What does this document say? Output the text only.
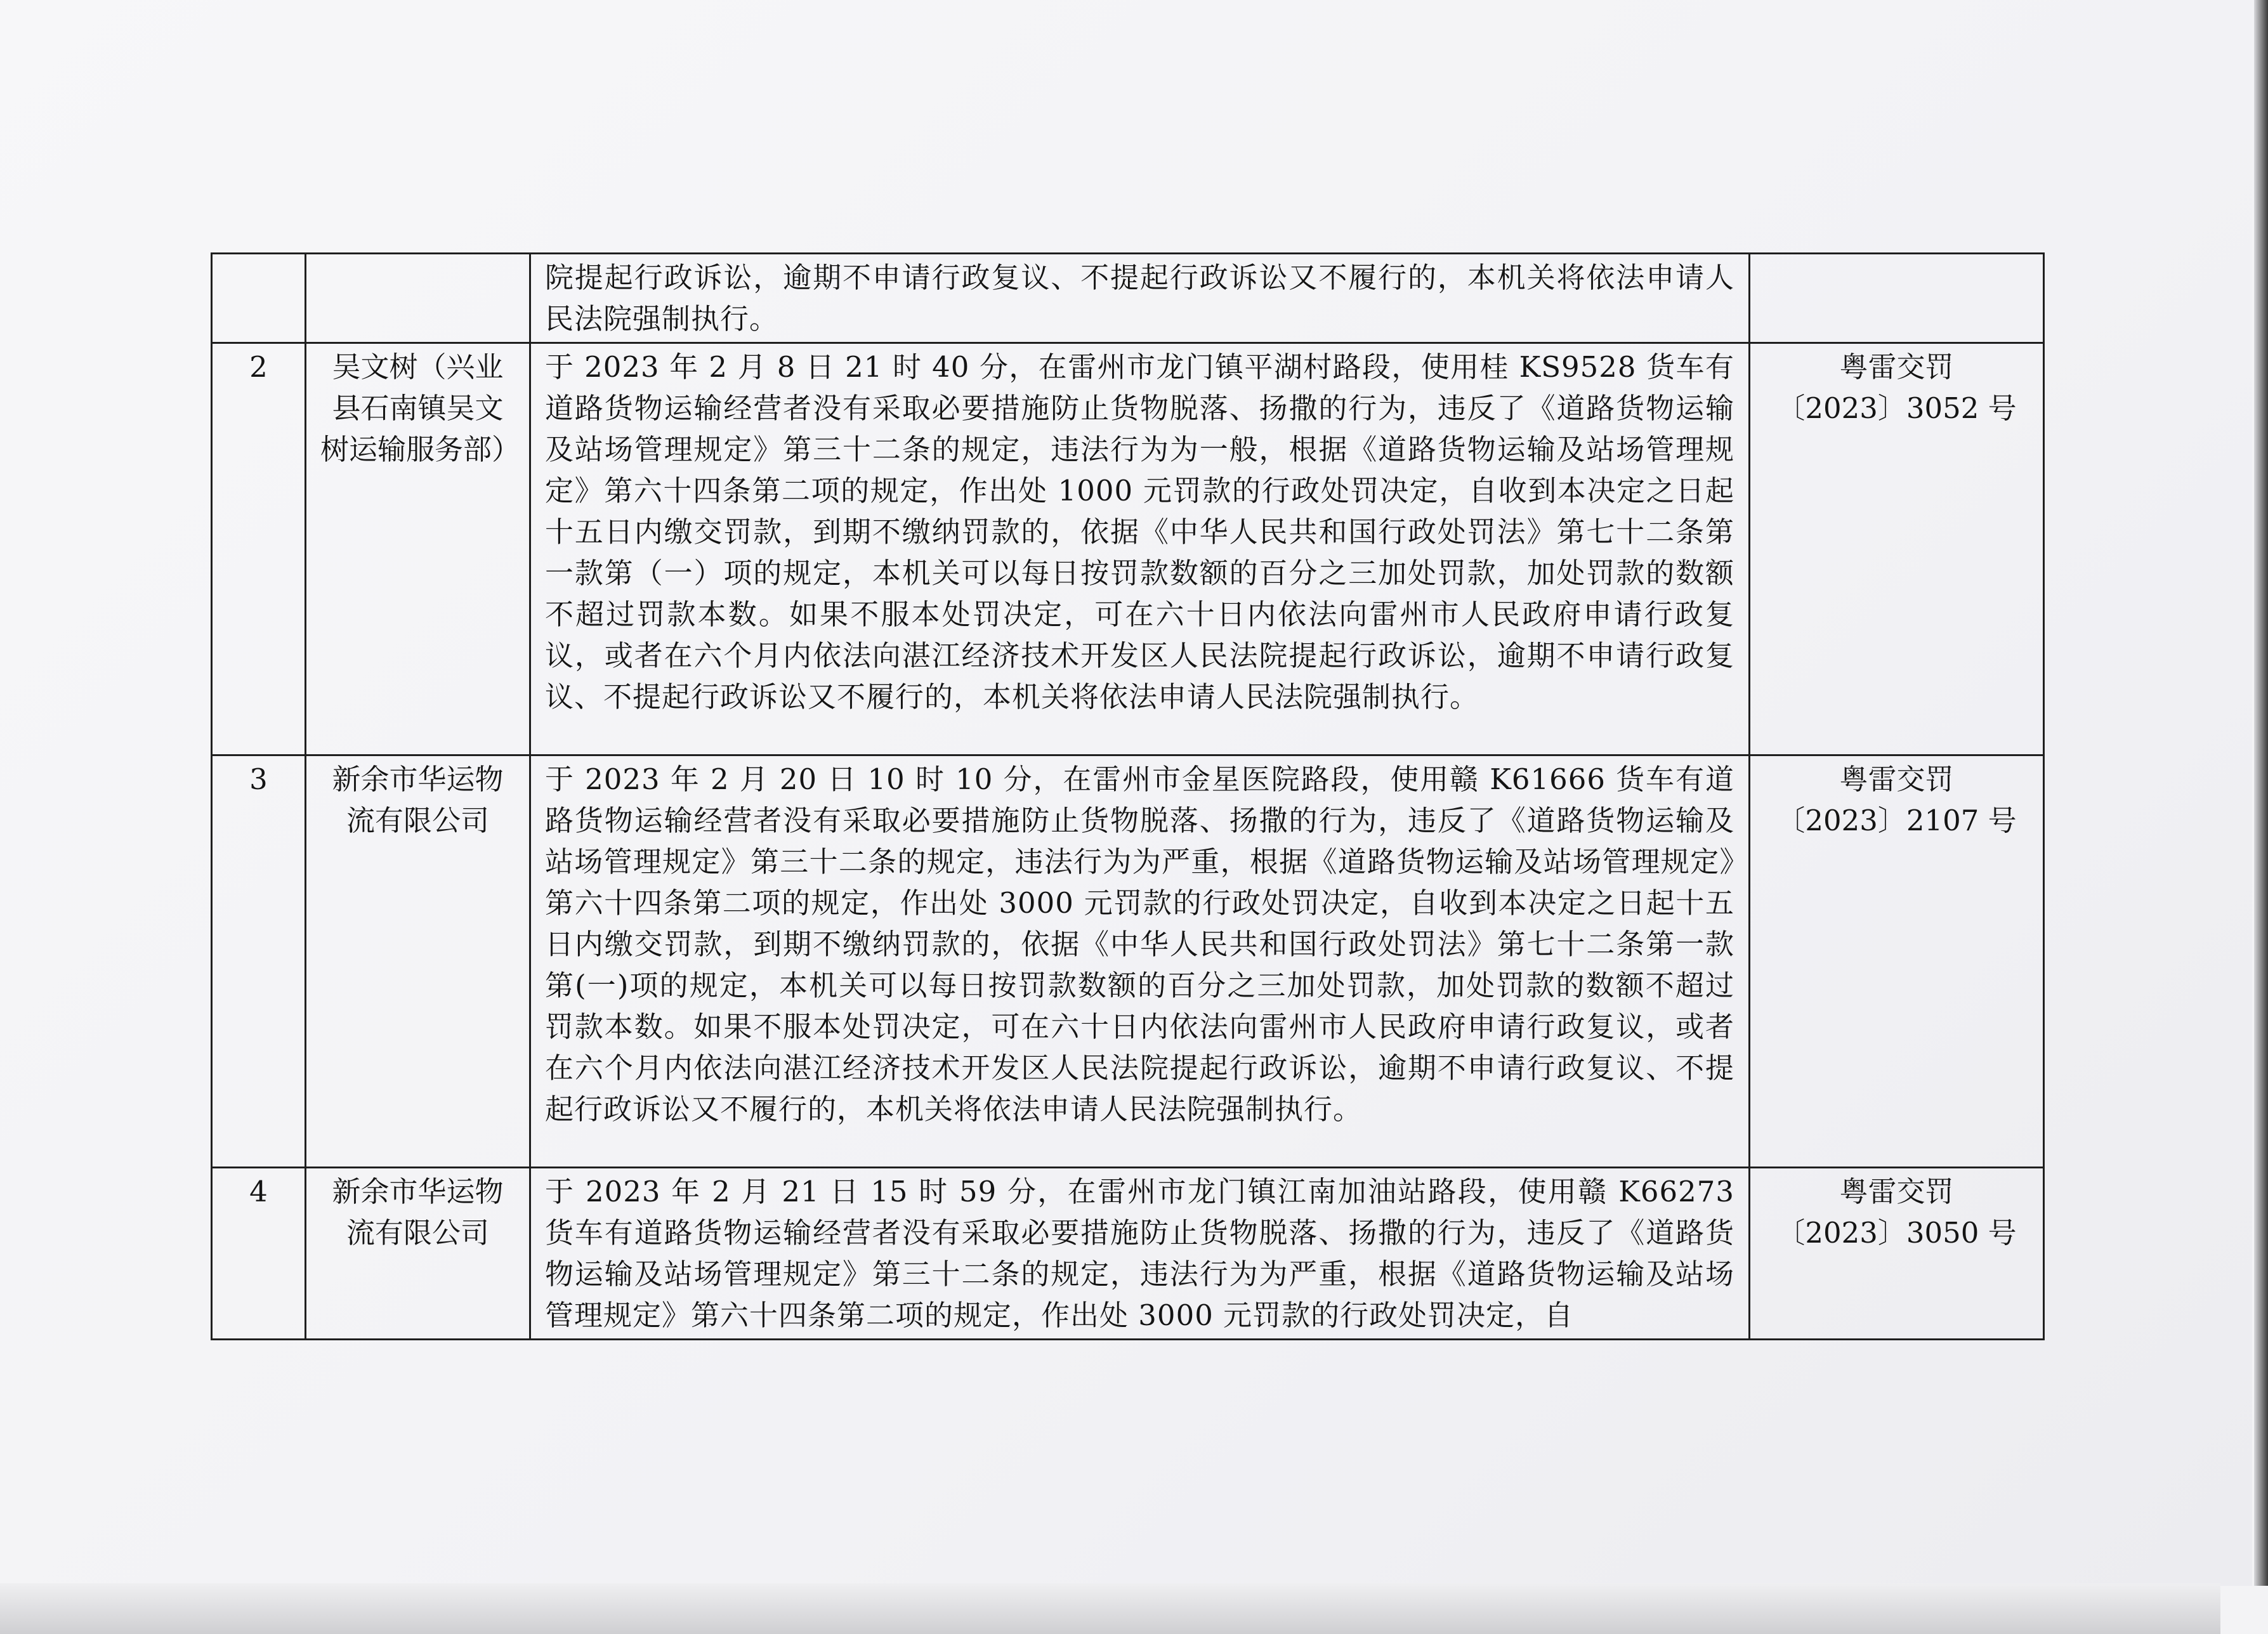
		院提起行政诉讼，逾期不申请行政复议、不提起行政诉讼又不履行的，本机关将依法申请人民法院强制执行。	

2	吴文树（兴业县石南镇吴文树运输服务部）	于 2023 年 2 月 8 日 21 时 40 分，在雷州市龙门镇平湖村路段，使用桂 KS9528 货车有道路货物运输经营者没有采取必要措施防止货物脱落、扬撒的行为，违反了《道路货物运输及站场管理规定》第三十二条的规定，违法行为为一般，根据《道路货物运输及站场管理规定》第六十四条第二项的规定，作出处 1000 元罚款的行政处罚决定，自收到本决定之日起十五日内缴交罚款，到期不缴纳罚款的，依据《中华人民共和国行政处罚法》第七十二条第一款第（一）项的规定，本机关可以每日按罚款数额的百分之三加处罚款，加处罚款的数额不超过罚款本数。如果不服本处罚决定，可在六十日内依法向雷州市人民政府申请行政复议，或者在六个月内依法向湛江经济技术开发区人民法院提起行政诉讼，逾期不申请行政复议、不提起行政诉讼又不履行的，本机关将依法申请人民法院强制执行。	粤雷交罚
〔2023〕3052 号

3	新余市华运物流有限公司	于 2023 年 2 月 20 日 10 时 10 分，在雷州市金星医院路段，使用赣 K61666 货车有道路货物运输经营者没有采取必要措施防止货物脱落、扬撒的行为，违反了《道路货物运输及站场管理规定》第三十二条的规定，违法行为为严重，根据《道路货物运输及站场管理规定》第六十四条第二项的规定，作出处 3000 元罚款的行政处罚决定，自收到本决定之日起十五日内缴交罚款，到期不缴纳罚款的，依据《中华人民共和国行政处罚法》第七十二条第一款第(一)项的规定，本机关可以每日按罚款数额的百分之三加处罚款，加处罚款的数额不超过罚款本数。如果不服本处罚决定，可在六十日内依法向雷州市人民政府申请行政复议，或者在六个月内依法向湛江经济技术开发区人民法院提起行政诉讼，逾期不申请行政复议、不提起行政诉讼又不履行的，本机关将依法申请人民法院强制执行。	粤雷交罚
〔2023〕2107 号

4	新余市华运物流有限公司	于 2023 年 2 月 21 日 15 时 59 分，在雷州市龙门镇江南加油站路段，使用赣 K66273 货车有道路货物运输经营者没有采取必要措施防止货物脱落、扬撒的行为，违反了《道路货物运输及站场管理规定》第三十二条的规定，违法行为为严重，根据《道路货物运输及站场管理规定》第六十四条第二项的规定，作出处 3000 元罚款的行政处罚决定，自	粤雷交罚
〔2023〕3050 号
